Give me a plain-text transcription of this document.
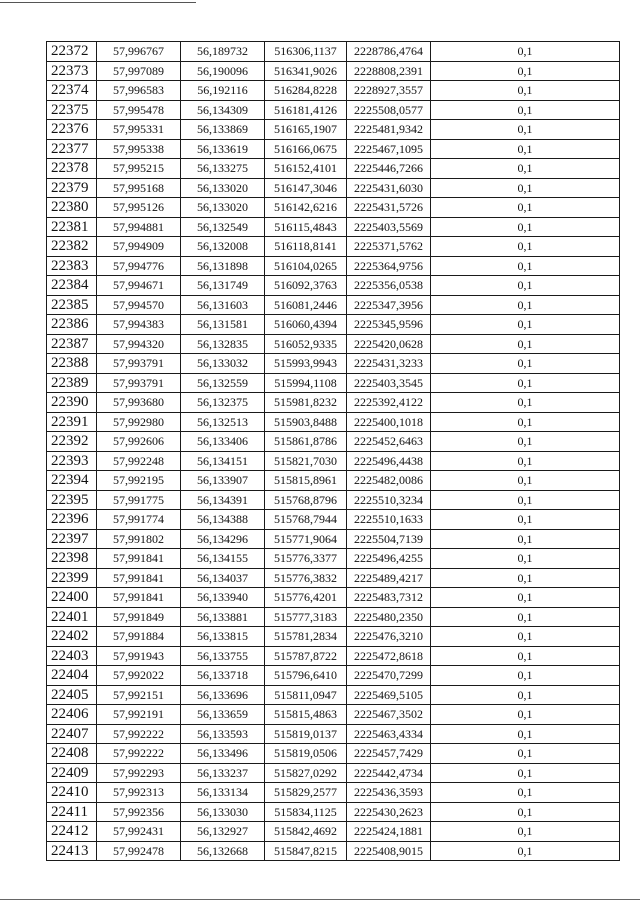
22372	57,996767	56,189732	516306,1137	2228786,4764	0,1
22373	57,997089	56,190096	516341,9026	2228808,2391	0,1
22374	57,996583	56,192116	516284,8228	2228927,3557	0,1
22375	57,995478	56,134309	516181,4126	2225508,0577	0,1
22376	57,995331	56,133869	516165,1907	2225481,9342	0,1
22377	57,995338	56,133619	516166,0675	2225467,1095	0,1
22378	57,995215	56,133275	516152,4101	2225446,7266	0,1
22379	57,995168	56,133020	516147,3046	2225431,6030	0,1
22380	57,995126	56,133020	516142,6216	2225431,5726	0,1
22381	57,994881	56,132549	516115,4843	2225403,5569	0,1
22382	57,994909	56,132008	516118,8141	2225371,5762	0,1
22383	57,994776	56,131898	516104,0265	2225364,9756	0,1
22384	57,994671	56,131749	516092,3763	2225356,0538	0,1
22385	57,994570	56,131603	516081,2446	2225347,3956	0,1
22386	57,994383	56,131581	516060,4394	2225345,9596	0,1
22387	57,994320	56,132835	516052,9335	2225420,0628	0,1
22388	57,993791	56,133032	515993,9943	2225431,3233	0,1
22389	57,993791	56,132559	515994,1108	2225403,3545	0,1
22390	57,993680	56,132375	515981,8232	2225392,4122	0,1
22391	57,992980	56,132513	515903,8488	2225400,1018	0,1
22392	57,992606	56,133406	515861,8786	2225452,6463	0,1
22393	57,992248	56,134151	515821,7030	2225496,4438	0,1
22394	57,992195	56,133907	515815,8961	2225482,0086	0,1
22395	57,991775	56,134391	515768,8796	2225510,3234	0,1
22396	57,991774	56,134388	515768,7944	2225510,1633	0,1
22397	57,991802	56,134296	515771,9064	2225504,7139	0,1
22398	57,991841	56,134155	515776,3377	2225496,4255	0,1
22399	57,991841	56,134037	515776,3832	2225489,4217	0,1
22400	57,991841	56,133940	515776,4201	2225483,7312	0,1
22401	57,991849	56,133881	515777,3183	2225480,2350	0,1
22402	57,991884	56,133815	515781,2834	2225476,3210	0,1
22403	57,991943	56,133755	515787,8722	2225472,8618	0,1
22404	57,992022	56,133718	515796,6410	2225470,7299	0,1
22405	57,992151	56,133696	515811,0947	2225469,5105	0,1
22406	57,992191	56,133659	515815,4863	2225467,3502	0,1
22407	57,992222	56,133593	515819,0137	2225463,4334	0,1
22408	57,992222	56,133496	515819,0506	2225457,7429	0,1
22409	57,992293	56,133237	515827,0292	2225442,4734	0,1
22410	57,992313	56,133134	515829,2577	2225436,3593	0,1
22411	57,992356	56,133030	515834,1125	2225430,2623	0,1
22412	57,992431	56,132927	515842,4692	2225424,1881	0,1
22413	57,992478	56,132668	515847,8215	2225408,9015	0,1
